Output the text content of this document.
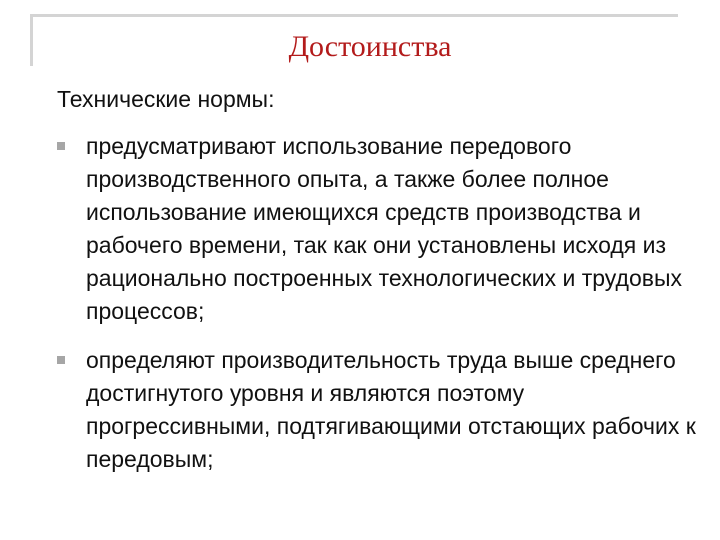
Достоинства

Технические нормы:

предусматривают использование передового производственного опыта, а также более полное использование имеющихся средств производства и рабочего времени, так как они установлены исходя из рационально построенных технологических и трудовых процессов;
определяют производительность труда выше среднего достигнутого уровня и являются поэтому прогрессивными, подтягивающими отстающих рабочих к передовым;
